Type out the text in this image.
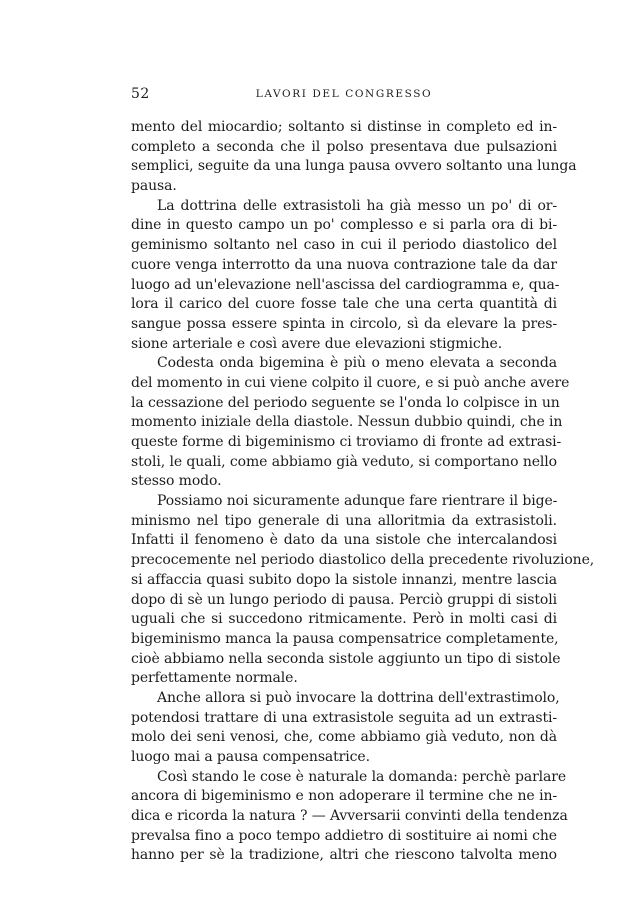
52	LAVORI DEL CONGRESSO
mento del miocardio; soltanto si distinse in completo ed in-
completo a seconda che il polso presentava due pulsazioni
semplici, seguite da una lunga pausa ovvero soltanto una lunga
pausa.
La dottrina delle extrasistoli ha già messo un po' di or-
dine in questo campo un po' complesso e si parla ora di bi-
geminismo soltanto nel caso in cui il periodo diastolico del
cuore venga interrotto da una nuova contrazione tale da dar
luogo ad un'elevazione nell'ascissa del cardiogramma e, qua-
lora il carico del cuore fosse tale che una certa quantità di
sangue possa essere spinta in circolo, sì da elevare la pres-
sione arteriale e così avere due elevazioni stigmiche.
Codesta onda bigemina è più o meno elevata a seconda
del momento in cui viene colpito il cuore, e si può anche avere
la cessazione del periodo seguente se l'onda lo colpisce in un
momento iniziale della diastole. Nessun dubbio quindi, che in
queste forme di bigeminismo ci troviamo di fronte ad extrasi-
stoli, le quali, come abbiamo già veduto, si comportano nello
stesso modo.
Possiamo noi sicuramente adunque fare rientrare il bige-
minismo nel tipo generale di una alloritmia da extrasistoli.
Infatti il fenomeno è dato da una sistole che intercalandosi
precocemente nel periodo diastolico della precedente rivoluzione,
si affaccia quasi subito dopo la sistole innanzi, mentre lascia
dopo di sè un lungo periodo di pausa. Perciò gruppi di sistoli
uguali che si succedono ritmicamente. Però in molti casi di
bigeminismo manca la pausa compensatrice completamente,
cioè abbiamo nella seconda sistole aggiunto un tipo di sistole
perfettamente normale.
Anche allora si può invocare la dottrina dell'extrastimolo,
potendosi trattare di una extrasistole seguita ad un extrasti-
molo dei seni venosi, che, come abbiamo già veduto, non dà
luogo mai a pausa compensatrice.
Così stando le cose è naturale la domanda: perchè parlare
ancora di bigeminismo e non adoperare il termine che ne in-
dica e ricorda la natura ? — Avversarii convinti della tendenza
prevalsa fino a poco tempo addietro di sostituire ai nomi che
hanno per sè la tradizione, altri che riescono talvolta meno
